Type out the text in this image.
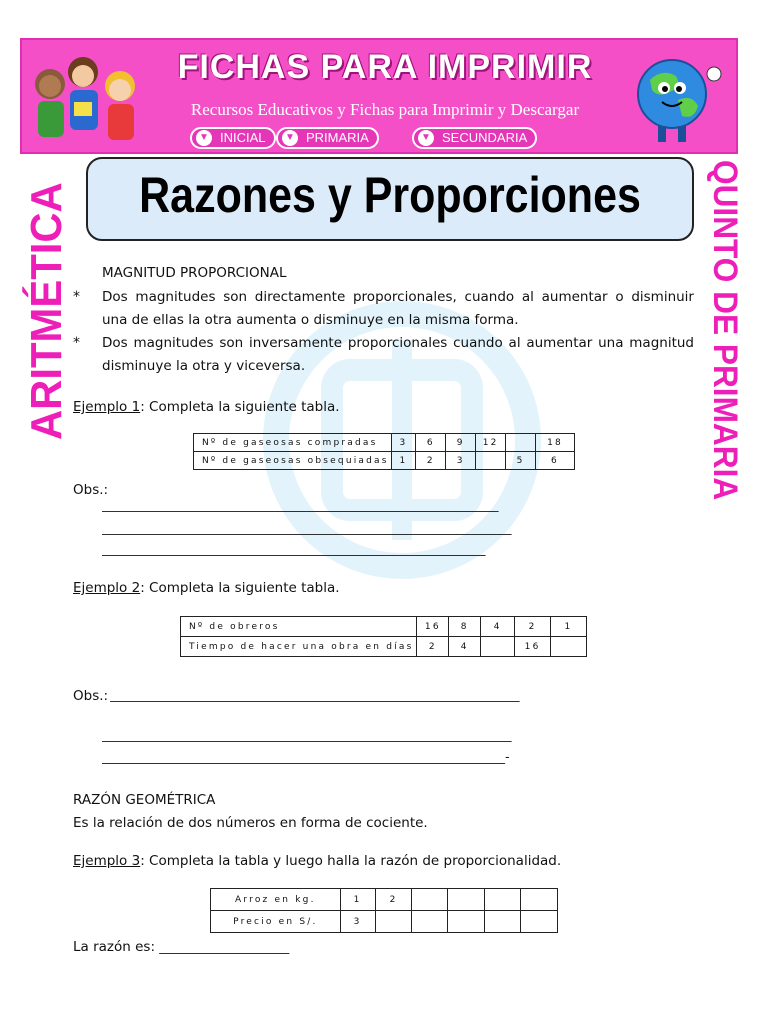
FICHAS PARA IMPRIMIR
Recursos Educativos y Fichas para Imprimir y Descargar
▼ INICIAL	▼ PRIMARIA	▼ SECUNDARIA
ARITMÉTICA	QUINTO DE PRIMARIA
Razones y Proporciones
MAGNITUD PROPORCIONAL
* Dos magnitudes son directamente proporcionales, cuando al aumentar o disminuir
una de ellas la otra aumenta o disminuye en la misma forma.
* Dos magnitudes son inversamente proporcionales cuando al aumentar una magnitud
disminuye la otra y viceversa.
Ejemplo 1: Completa la siguiente tabla.
Nº de gaseosas compradas	3	6	9	12		18
Nº de gaseosas obsequiadas	1	2	3		5	6
Obs.:
_____________________________________________________________
_______________________________________________________________
___________________________________________________________
Ejemplo 2: Completa la siguiente tabla.
Nº de obreros	16	8	4	2	1
Tiempo de hacer una obra en días	2	4		16	
Obs.: _______________________________________________________________
_______________________________________________________________
______________________________________________________________-
RAZÓN GEOMÉTRICA
Es la relación de dos números en forma de cociente.
Ejemplo 3: Completa la tabla y luego halla la razón de proporcionalidad.
Arroz en kg.	1	2				
Precio en S/.	3					
La razón es: ____________________
